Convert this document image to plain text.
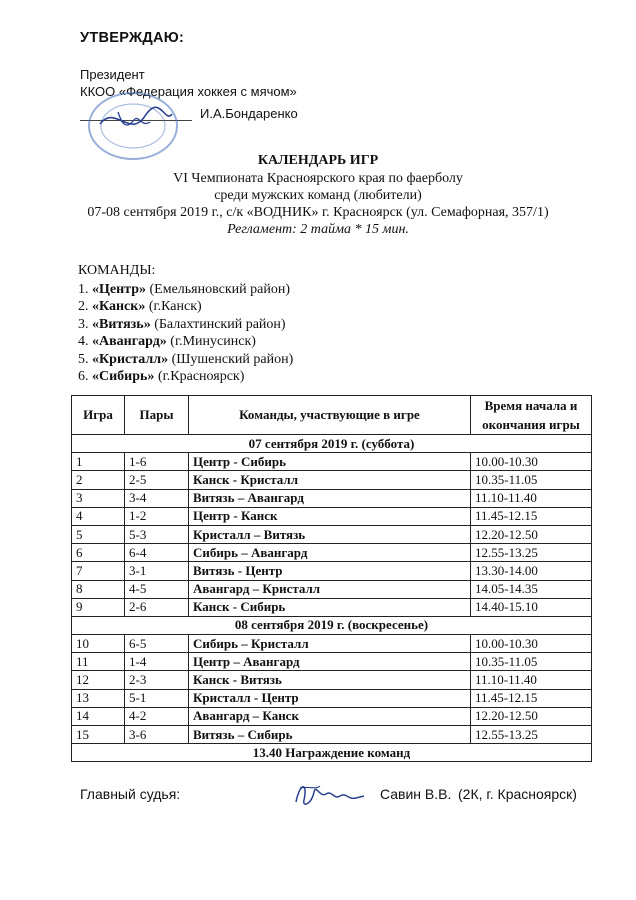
УТВЕРЖДАЮ:
Президент
ККОО «Федерация хоккея с мячом»
И.А.Бондаренко
КАЛЕНДАРЬ ИГР
VI Чемпионата Красноярского края по фаерболу
среди мужских команд (любители)
07-08 сентября 2019 г., с/к «ВОДНИК» г. Красноярск (ул. Семафорная, 357/1)
Регламент: 2 тайма * 15 мин.
КОМАНДЫ:
1. «Центр» (Емельяновский район)
2. «Канск» (г.Канск)
3. «Витязь» (Балахтинский район)
4. «Авангард» (г.Минусинск)
5. «Кристалл» (Шушенский район)
6. «Сибирь» (г.Красноярск)
Игра	Пары	Команды, участвующие в игре	Время начала и
окончания игры

07 сентября 2019 г. (суббота)			
1	1-6	Центр - Сибирь	10.00-10.30
2	2-5	Канск - Кристалл	10.35-11.05
3	3-4	Витязь – Авангард	11.10-11.40
4	1-2	Центр - Канск	11.45-12.15
5	5-3	Кристалл – Витязь	12.20-12.50
6	6-4	Сибирь – Авангард	12.55-13.25
7	3-1	Витязь - Центр	13.30-14.00
8	4-5	Авангард – Кристалл	14.05-14.35
9	2-6	Канск - Сибирь	14.40-15.10
08 сентября 2019 г. (воскресенье)			
10	6-5	Сибирь – Кристалл	10.00-10.30
11	1-4	Центр – Авангард	10.35-11.05
12	2-3	Канск - Витязь	11.10-11.40
13	5-1	Кристалл - Центр	11.45-12.15
14	4-2	Авангард – Канск	12.20-12.50
15	3-6	Витязь – Сибирь	12.55-13.25
13.40 Награждение команд			
Главный судья:	Савин В.В. (2К, г. Красноярск)
